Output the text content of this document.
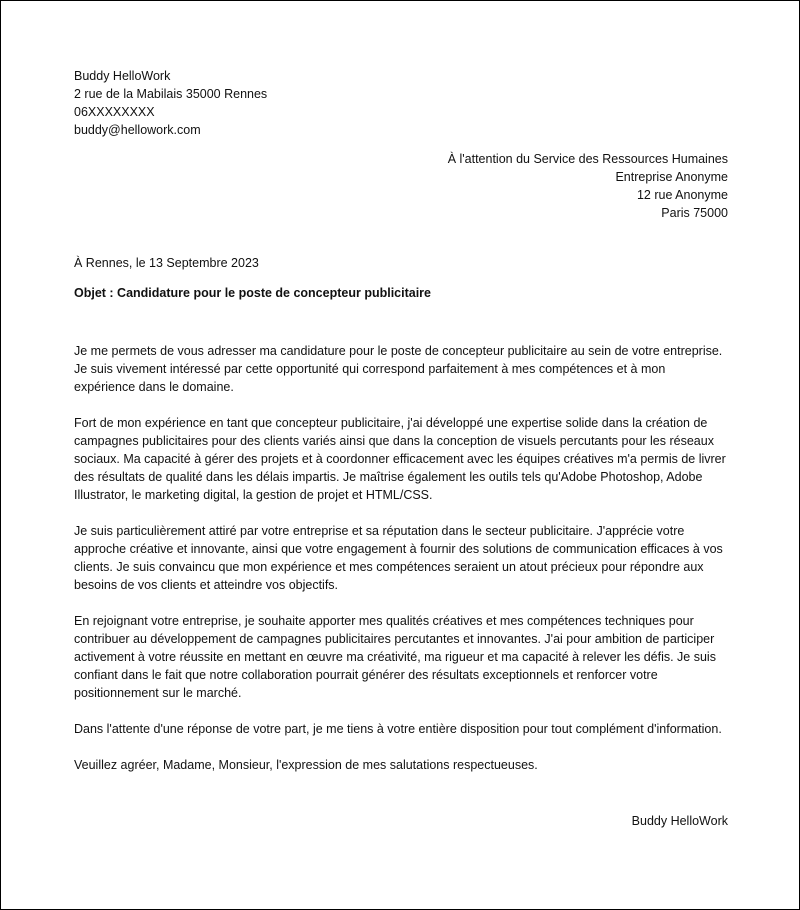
Buddy HelloWork
2 rue de la Mabilais 35000 Rennes
06XXXXXXXX
buddy@hellowork.com
À l'attention du Service des Ressources Humaines
Entreprise Anonyme
12 rue Anonyme
Paris 75000
À Rennes, le 13 Septembre 2023
Objet : Candidature pour le poste de concepteur publicitaire

Je me permets de vous adresser ma candidature pour le poste de concepteur publicitaire au sein de votre entreprise. Je suis vivement intéressé par cette opportunité qui correspond parfaitement à mes compétences et à mon expérience dans le domaine.

Fort de mon expérience en tant que concepteur publicitaire, j'ai développé une expertise solide dans la création de campagnes publicitaires pour des clients variés ainsi que dans la conception de visuels percutants pour les réseaux sociaux. Ma capacité à gérer des projets et à coordonner efficacement avec les équipes créatives m'a permis de livrer des résultats de qualité dans les délais impartis. Je maîtrise également les outils tels qu'Adobe Photoshop, Adobe Illustrator, le marketing digital, la gestion de projet et HTML/CSS.

Je suis particulièrement attiré par votre entreprise et sa réputation dans le secteur publicitaire. J'apprécie votre approche créative et innovante, ainsi que votre engagement à fournir des solutions de communication efficaces à vos clients. Je suis convaincu que mon expérience et mes compétences seraient un atout précieux pour répondre aux besoins de vos clients et atteindre vos objectifs.

En rejoignant votre entreprise, je souhaite apporter mes qualités créatives et mes compétences techniques pour contribuer au développement de campagnes publicitaires percutantes et innovantes. J'ai pour ambition de participer activement à votre réussite en mettant en œuvre ma créativité, ma rigueur et ma capacité à relever les défis. Je suis confiant dans le fait que notre collaboration pourrait générer des résultats exceptionnels et renforcer votre positionnement sur le marché.

Dans l'attente d'une réponse de votre part, je me tiens à votre entière disposition pour tout complément d'information.

Veuillez agréer, Madame, Monsieur, l'expression de mes salutations respectueuses.

Buddy HelloWork
